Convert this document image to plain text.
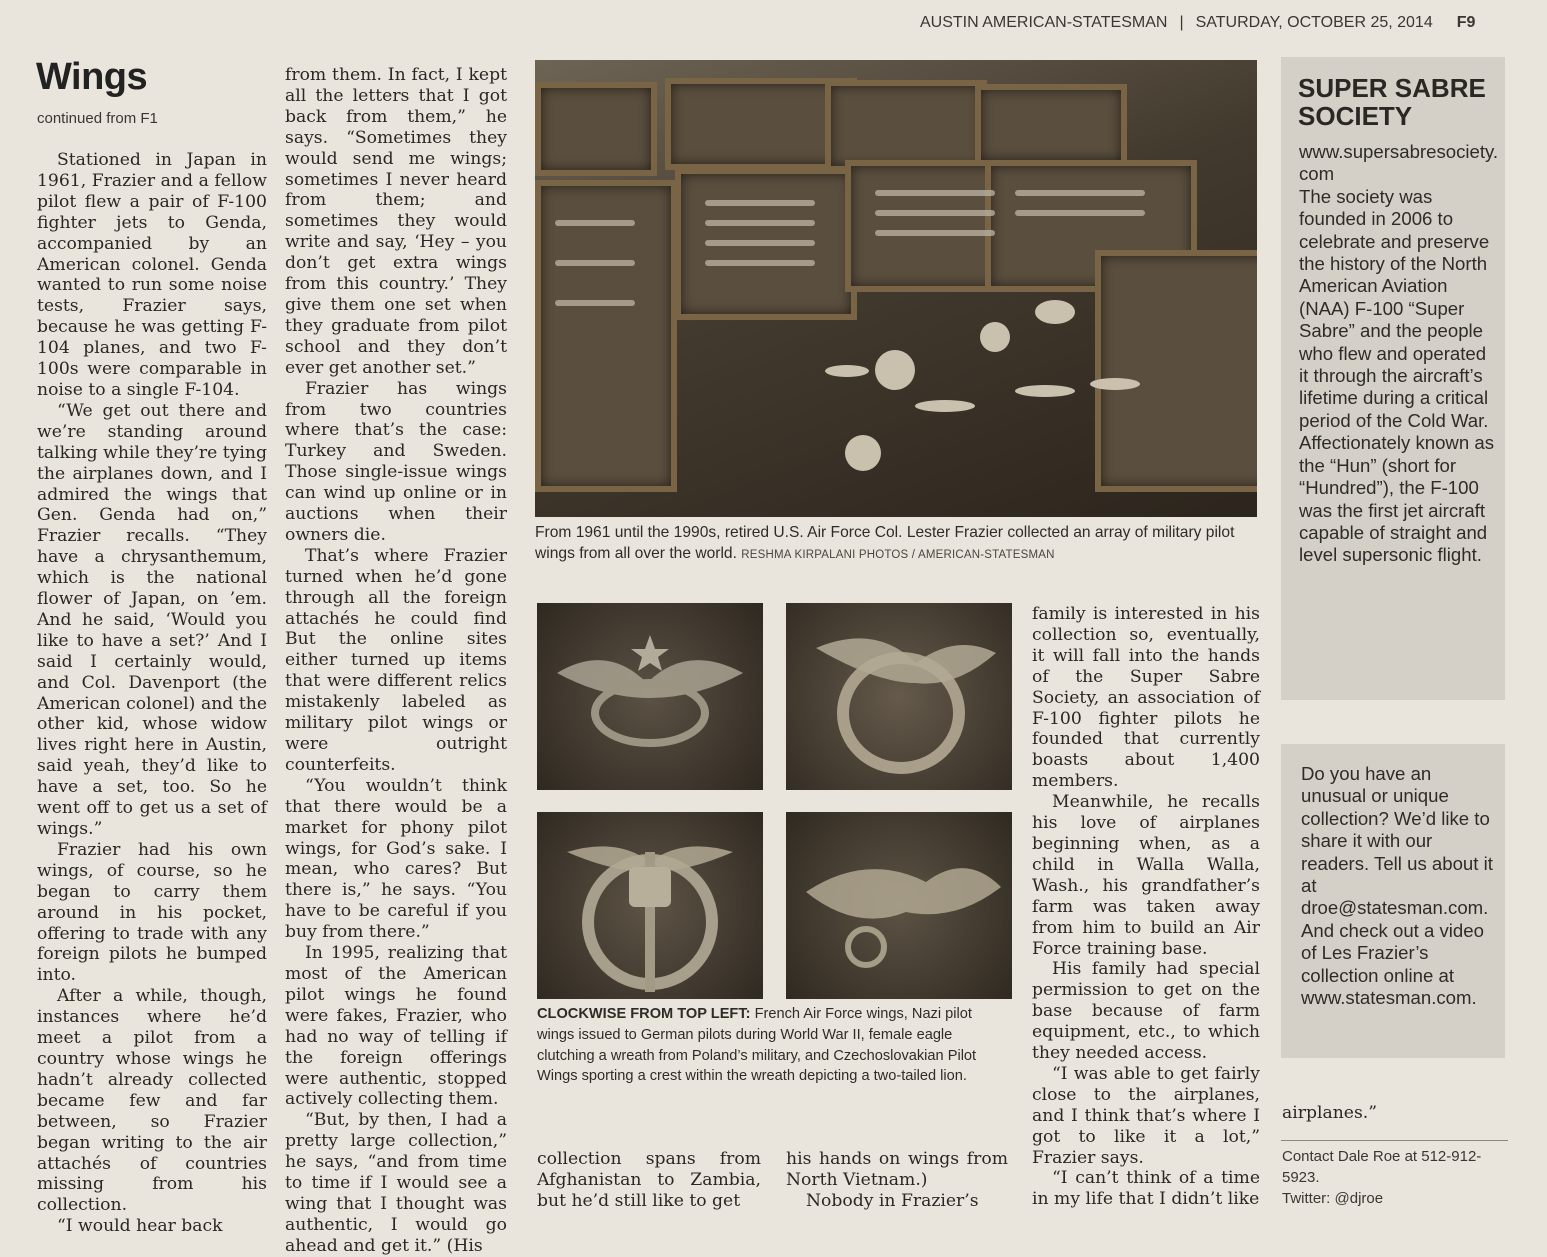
AUSTIN AMERICAN-STATESMAN | SATURDAY, OCTOBER 25, 2014 F9
Wings
continued from F1

Stationed in Japan in 1961, Frazier and a fellow pilot flew a pair of F-100 fighter jets to Genda, accompanied by an American colonel. Genda wanted to run some noise tests, Frazier says, because he was getting F-104 planes, and two F-100s were comparable in noise to a single F-104.

“We get out there and we’re standing around talking while they’re tying the airplanes down, and I admired the wings that Gen. Genda had on,” Frazier recalls. “They have a chrysanthemum, which is the national flower of Japan, on ’em. And he said, ‘Would you like to have a set?’ And I said I certainly would, and Col. Davenport (the American colonel) and the other kid, whose widow lives right here in Austin, said yeah, they’d like to have a set, too. So he went off to get us a set of wings.”

Frazier had his own wings, of course, so he began to carry them around in his pocket, offering to trade with any foreign pilots he bumped into.

After a while, though, instances where he’d meet a pilot from a country whose wings he hadn’t already collected became few and far between, so Frazier began writing to the air attachés of countries missing from his collection.

“I would hear back

from them. In fact, I kept all the letters that I got back from them,” he says. “Sometimes they would send me wings; sometimes I never heard from them; and sometimes they would write and say, ‘Hey – you don’t get extra wings from this country.’ They give them one set when they graduate from pilot school and they don’t ever get another set.”

Frazier has wings from two countries where that’s the case: Turkey and Sweden. Those single-issue wings can wind up online or in auctions when their owners die.

That’s where Frazier turned when he’d gone through all the foreign attachés he could find But the online sites either turned up items that were different relics mistakenly labeled as military pilot wings or were outright counterfeits.

“You wouldn’t think that there would be a market for phony pilot wings, for God’s sake. I mean, who cares? But there is,” he says. “You have to be careful if you buy from there.”

In 1995, realizing that most of the American pilot wings he found were fakes, Frazier, who had no way of telling if the foreign offerings were authentic, stopped actively collecting them.

“But, by then, I had a pretty large collection,” he says, “and from time to time if I would see a wing that I thought was authentic, I would go ahead and get it.” (His

From 1961 until the 1990s, retired U.S. Air Force Col. Lester Frazier collected an array of military pilot wings from all over the world. RESHMA KIRPALANI PHOTOS / AMERICAN-STATESMAN
CLOCKWISE FROM TOP LEFT: French Air Force wings, Nazi pilot wings issued to German pilots during World War II, female eagle clutching a wreath from Poland’s military, and Czechoslovakian Pilot Wings sporting a crest within the wreath depicting a two-tailed lion.

collection spans from Afghanistan to Zambia, but he’d still like to get

his hands on wings from North Vietnam.)

Nobody in Frazier’s

family is interested in his collection so, eventually, it will fall into the hands of the Super Sabre Society, an association of F-100 fighter pilots he founded that currently boasts about 1,400 members.

Meanwhile, he recalls his love of airplanes beginning when, as a child in Walla Walla, Wash., his grandfather’s farm was taken away from him to build an Air Force training base.

His family had special permission to get on the base because of farm equipment, etc., to which they needed access.

“I was able to get fairly close to the airplanes, and I think that’s where I got to like it a lot,” Frazier says.

“I can’t think of a time in my life that I didn’t like

SUPER SABRE SOCIETY
www.supersabresociety.com
The society was founded in 2006 to celebrate and preserve the history of the North American Aviation (NAA) F-100 “Super Sabre” and the people who flew and operated it through the aircraft’s lifetime during a critical period of the Cold War. Affectionately known as the “Hun” (short for “Hundred”), the F-100 was the first jet aircraft capable of straight and level supersonic flight.
Do you have an unusual or unique collection? We’d like to share it with our readers. Tell us about it at droe@statesman.com. And check out a video of Les Frazier’s collection online at www.statesman.com.

airplanes.”

Contact Dale Roe at 512-912-5923.
Twitter: @djroe
